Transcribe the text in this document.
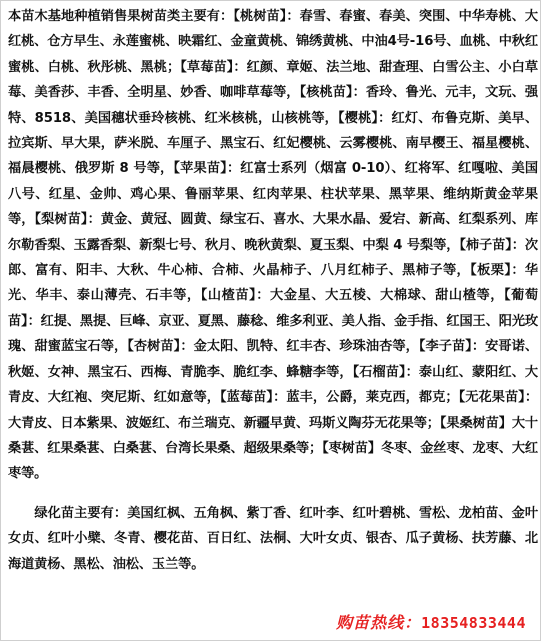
本苗木基地种植销售果树苗类主要有：【桃树苗】：春雪、春蜜、春美、突围、中华寿桃、大红桃、仓方早生、永莲蜜桃、映霜红、金童黄桃、锦绣黄桃、中油4号-16号、血桃、中秋红蜜桃、白桃、秋彤桃、黑桃；【草莓苗】：红颜、章姬、法兰地、甜查理、白雪公主、小白草莓、美香莎、丰香、全明星、妙香、咖啡草莓等，【核桃苗】：香玲、鲁光、元丰，文玩、强特、8518、美国穗状垂玲核桃、红米核桃，山核桃等，【樱桃】：红灯、布鲁克斯、美早、拉宾斯、早大果，萨米脱、车厘子、黑宝石、红妃樱桃、云雾樱桃、南早樱王、福星樱桃、福晨樱桃、俄罗斯 8 号等，【苹果苗】：红富士系列（烟富 0-10）、红将军、红嘎啦、美国八号、红星、金帅、鸡心果、鲁丽苹果、红肉苹果、柱状苹果、黑苹果、维纳斯黄金苹果等，【梨树苗】：黄金、黄冠、圆黄、绿宝石、喜水、大果水晶、爱宕、新高、红梨系列、库尔勒香梨、玉露香梨、新梨七号、秋月、晚秋黄梨、夏玉梨、中梨 4 号梨等，【柿子苗】：次郎、富有、阳丰、大秋、牛心柿、合柿、火晶柿子、八月红柿子、黑柿子等，【板栗】：华光、华丰、泰山薄壳、石丰等，【山楂苗】：大金星、大五棱、大棉球、甜山楂等，【葡萄苗】：红提、黑提、巨峰、京亚、夏黑、藤稔、维多利亚、美人指、金手指、红国王、阳光玫瑰、甜蜜蓝宝石等，【杏树苗】：金太阳、凯特、红丰杏、珍珠油杏等，【李子苗】：安哥诺、秋姬、女神、黑宝石、西梅、青脆李、脆红李、蜂糖李等，【石榴苗】：泰山红、蒙阳红、大青皮、大红袍、突尼斯、红如意等，【蓝莓苗】：蓝丰，公爵，莱克西，都克；【无花果苗】：大青皮、日本紫果、波姬红、布兰瑞克、新疆早黄、玛斯义陶芬无花果等；【果桑树苗】大十桑葚、红果桑葚、白桑葚、台湾长果桑、超级果桑等；【枣树苗】冬枣、金丝枣、龙枣、大红枣等。

绿化苗主要有：美国红枫、五角枫、紫丁香、红叶李、红叶碧桃、雪松、龙柏苗、金叶女贞、红叶小檗、冬青、樱花苗、百日红、法桐、大叶女贞、银杏、瓜子黄杨、扶芳藤、北海道黄杨、黑松、油松、玉兰等。

购苗热线：18354833444
